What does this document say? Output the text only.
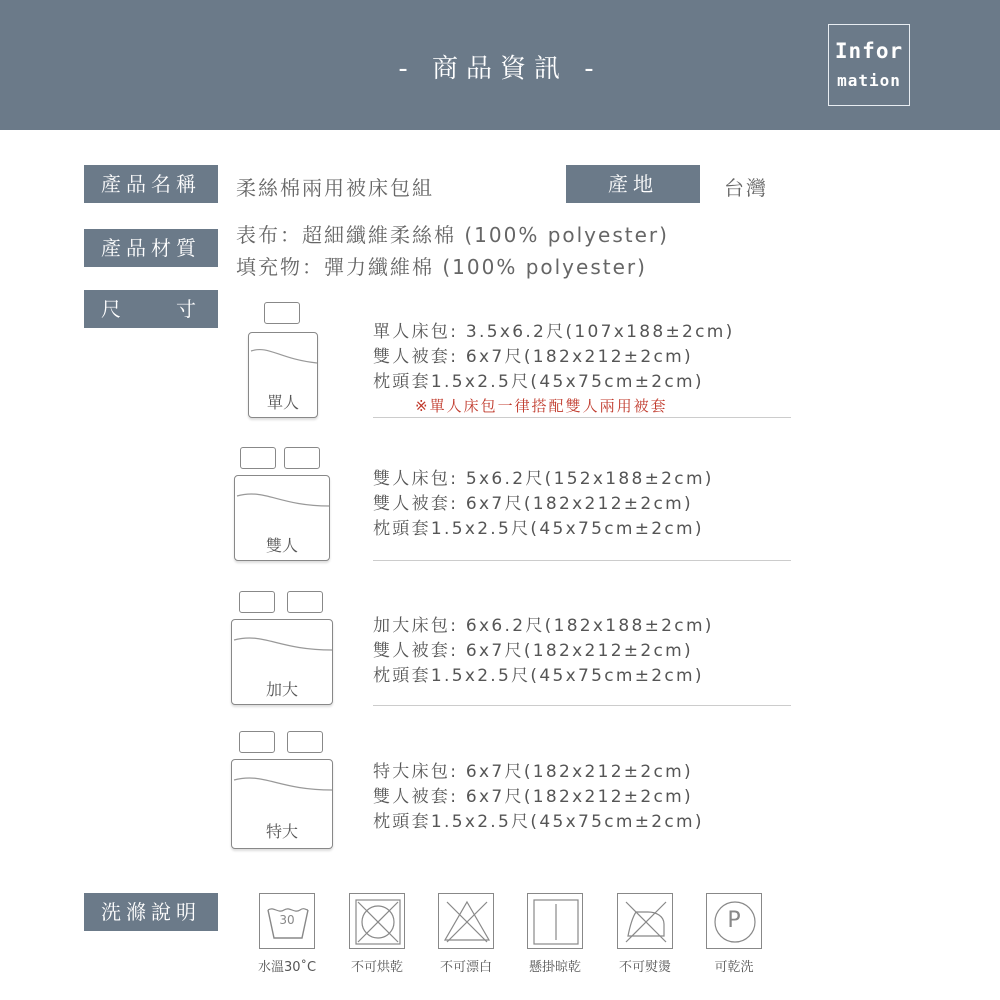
- 商品資訊 -
Infor
mation
產品名稱	柔絲棉兩用被床包組	產地	台灣
產品材質
表布：超細纖維柔絲棉 (100% polyester)
填充物：彈力纖維棉 (100% polyester)
尺　　寸
單人
單人床包: 3.5x6.2尺(107x188±2cm)
雙人被套: 6x7尺(182x212±2cm)
枕頭套1.5x2.5尺(45x75cm±2cm)
※單人床包一律搭配雙人兩用被套
雙人
雙人床包: 5x6.2尺(152x188±2cm)
雙人被套: 6x7尺(182x212±2cm)
枕頭套1.5x2.5尺(45x75cm±2cm)
加大
加大床包: 6x6.2尺(182x188±2cm)
雙人被套: 6x7尺(182x212±2cm)
枕頭套1.5x2.5尺(45x75cm±2cm)
特大
特大床包: 6x7尺(182x212±2cm)
雙人被套: 6x7尺(182x212±2cm)
枕頭套1.5x2.5尺(45x75cm±2cm)
洗滌說明	30	P
水溫30˚C	不可烘乾	不可漂白	懸掛晾乾	不可熨燙	可乾洗
